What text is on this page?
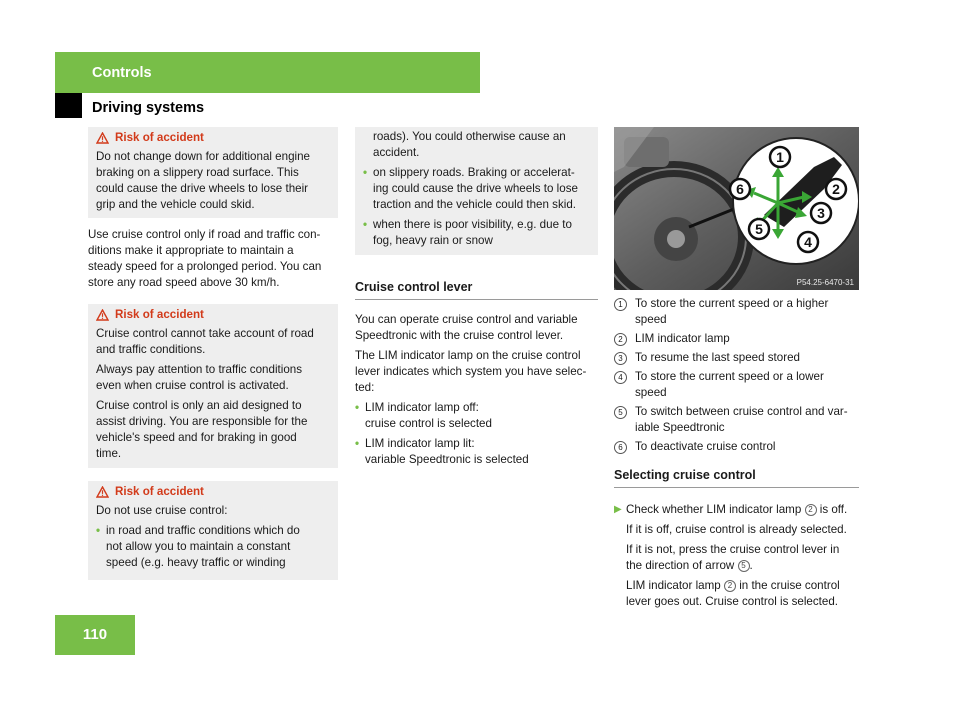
Controls
Driving systems
110
Risk of accident
Do not change down for additional engine
braking on a slippery road surface. This
could cause the drive wheels to lose their
grip and the vehicle could skid.
Use cruise control only if road and traffic con-
ditions make it appropriate to maintain a
steady speed for a prolonged period. You can
store any road speed above 30 km/h.
Risk of accident

Cruise control cannot take account of road
and traffic conditions.

Always pay attention to traffic conditions
even when cruise control is activated.

Cruise control is only an aid designed to
assist driving. You are responsible for the
vehicle's speed and for braking in good
time.

Risk of accident

Do not use cruise control:

• in road and traffic conditions which do
not allow you to maintain a constant
speed (e.g. heavy traffic or winding
roads). You could otherwise cause an
accident.
• on slippery roads. Braking or accelerat-
ing could cause the drive wheels to lose
traction and the vehicle could then skid.
• when there is poor visibility, e.g. due to
fog, heavy rain or snow
Cruise control lever

You can operate cruise control and variable
Speedtronic with the cruise control lever.

The LIM indicator lamp on the cruise control
lever indicates which system you have selec-
ted:

• LIM indicator lamp off:
cruise control is selected
• LIM indicator lamp lit:
variable Speedtronic is selected
1
2
3
4
5
6
P54.25-6470-31
1	To store the current speed or a higher
speed
2	LIM indicator lamp
3	To resume the last speed stored
4	To store the current speed or a lower
speed
5	To switch between cruise control and var-
iable Speedtronic
6	To deactivate cruise control
Selecting cruise control
▶ Check whether LIM indicator lamp 2 is off.

If it is off, cruise control is already selected.

If it is not, press the cruise control lever in
the direction of arrow 5 .

LIM indicator lamp 2 in the cruise control
lever goes out. Cruise control is selected.
